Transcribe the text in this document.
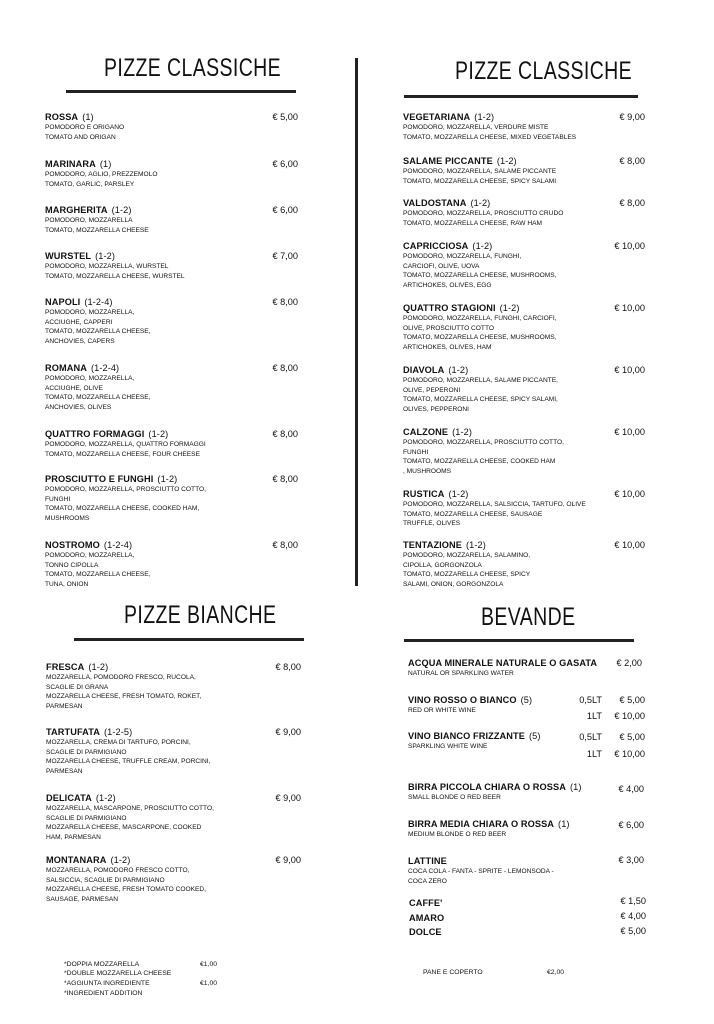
PIZZE CLASSICHE
ROSSA (1)
POMODORO E ORIGANO
TOMATO AND ORIGAN
€ 5,00
MARINARA (1)
POMODORO, AGLIO, PREZZEMOLO
TOMATO, GARLIC, PARSLEY
€ 6,00
MARGHERITA (1-2)
POMODORO, MOZZARELLA
TOMATO, MOZZARELLA CHEESE
€ 6,00
WURSTEL (1-2)
POMODORO, MOZZARELLA, WURSTEL
TOMATO, MOZZARELLA CHEESE, WURSTEL
€ 7,00
NAPOLI (1-2-4)
POMODORO, MOZZARELLA,
ACCIUGHE, CAPPERI
TOMATO, MOZZARELLA CHEESE,
ANCHOVIES, CAPERS
€ 8,00
ROMANA (1-2-4)
POMODORO, MOZZARELLA,
ACCIUGHE, OLIVE
TOMATO, MOZZARELLA CHEESE,
ANCHOVIES, OLIVES
€ 8,00
QUATTRO FORMAGGI (1-2)
POMODORO, MOZZARELLA, QUATTRO FORMAGGI
TOMATO, MOZZARELLA CHEESE, FOUR CHEESE
€ 8,00
PROSCIUTTO E FUNGHI (1-2)
POMODORO, MOZZARELLA, PROSCIUTTO COTTO,
FUNGHI
TOMATO, MOZZARELLA CHEESE, COOKED HAM,
MUSHROOMS
€ 8,00
NOSTROMO (1-2-4)
POMODORO, MOZZARELLA,
TONNO CIPOLLA
TOMATO, MOZZARELLA CHEESE,
TUNA, ONION
€ 8,00
PIZZE CLASSICHE
VEGETARIANA (1-2)
POMODORO, MOZZARELLA, VERDURE MISTE
TOMATO, MOZZARELLA CHEESE, MIXED VEGETABLES
€ 9,00
SALAME PICCANTE (1-2)
POMODORO, MOZZARELLA, SALAME PICCANTE
TOMATO, MOZZARELLA CHEESE, SPICY SALAMI
€ 8,00
VALDOSTANA (1-2)
POMODORO, MOZZARELLA, PROSCIUTTO CRUDO
TOMATO, MOZZARELLA CHEESE, RAW HAM
€ 8,00
CAPRICCIOSA (1-2)
POMODORO, MOZZARELLA, FUNGHI,
CARCIOFI, OLIVE, UOVA
TOMATO, MOZZARELLA CHEESE, MUSHROOMS,
ARTICHOKES, OLIVES, EGG
€ 10,00
QUATTRO STAGIONI (1-2)
POMODORO, MOZZARELLA, FUNGHI, CARCIOFI,
OLIVE, PROSCIUTTO COTTO
TOMATO, MOZZARELLA CHEESE, MUSHROOMS,
ARTICHOKES, OLIVES, HAM
€ 10,00
DIAVOLA (1-2)
POMODORO, MOZZARELLA, SALAME PICCANTE,
OLIVE, PEPERONI
TOMATO, MOZZARELLA CHEESE, SPICY SALAMI,
OLIVES, PEPPERONI
€ 10,00
CALZONE (1-2)
POMODORO, MOZZARELLA, PROSCIUTTO COTTO,
FUNGHI
TOMATO, MOZZARELLA CHEESE, COOKED HAM
, MUSHROOMS
€ 10,00
RUSTICA (1-2)
POMODORO, MOZZARELLA, SALSICCIA, TARTUFO, OLIVE
TOMATO, MOZZARELLA CHEESE, SAUSAGE
TRUFFLE, OLIVES
€ 10,00
TENTAZIONE (1-2)
POMODORO, MOZZARELLA, SALAMINO,
CIPOLLA, GORGONZOLA
TOMATO, MOZZARELLA CHEESE, SPICY
SALAMI, ONION, GORGONZOLA
€ 10,00
PIZZE BIANCHE
FRESCA (1-2)
MOZZARELLA, POMODORO FRESCO, RUCOLA,
SCAGLIE DI GRANA
MOZZARELLA CHEESE, FRESH TOMATO, ROKET,
PARMESAN
€ 8,00
TARTUFATA (1-2-5)
MOZZARELLA, CREMA DI TARTUFO, PORCINI,
SCAGLIE DI PARMIGIANO
MOZZARELLA CHEESE, TRUFFLE CREAM, PORCINI,
PARMESAN
€ 9,00
DELICATA (1-2)
MOZZARELLA, MASCARPONE, PROSCIUTTO COTTO,
SCAGLIE DI PARMIGIANO
MOZZARELLA CHEESE, MASCARPONE, COOKED
HAM, PARMESAN
€ 9,00
MONTANARA (1-2)
MOZZARELLA, POMODORO FRESCO COTTO,
SALSICCIA, SCAGLIE DI PARMIGIANO
MOZZARELLA CHEESE, FRESH TOMATO COOKED,
SAUSAGE, PARMESAN
€ 9,00
BEVANDE
ACQUA MINERALE NATURALE O GASATA
NATURAL OR SPARKLING WATER
€ 2,00
VINO ROSSO O BIANCO (5)
RED OR WHITE WINE
0,5LT	€ 5,00
1LT	€ 10,00
VINO BIANCO FRIZZANTE (5)
SPARKLING WHITE WINE
0,5LT	€ 5,00
1LT	€ 10,00
BIRRA PICCOLA CHIARA O ROSSA (1)
SMALL BLONDE O RED BEER
€ 4,00
BIRRA MEDIA CHIARA O ROSSA (1)
MEDIUM BLONDE O RED BEER
€ 6,00
LATTINE
COCA COLA - FANTA - SPRITE - LEMONSODA -
COCA ZERO
€ 3,00
CAFFE'	€ 1,50
AMARO	€ 4,00
DOLCE	€ 5,00
*DOPPIA MOZZARELLA	€1,00
*DOUBLE MOZZARELLA CHEESE
*AGGIUNTA INGREDIENTE	€1,00
*INGREDIENT ADDITION
PANE E COPERTO	€2,00
